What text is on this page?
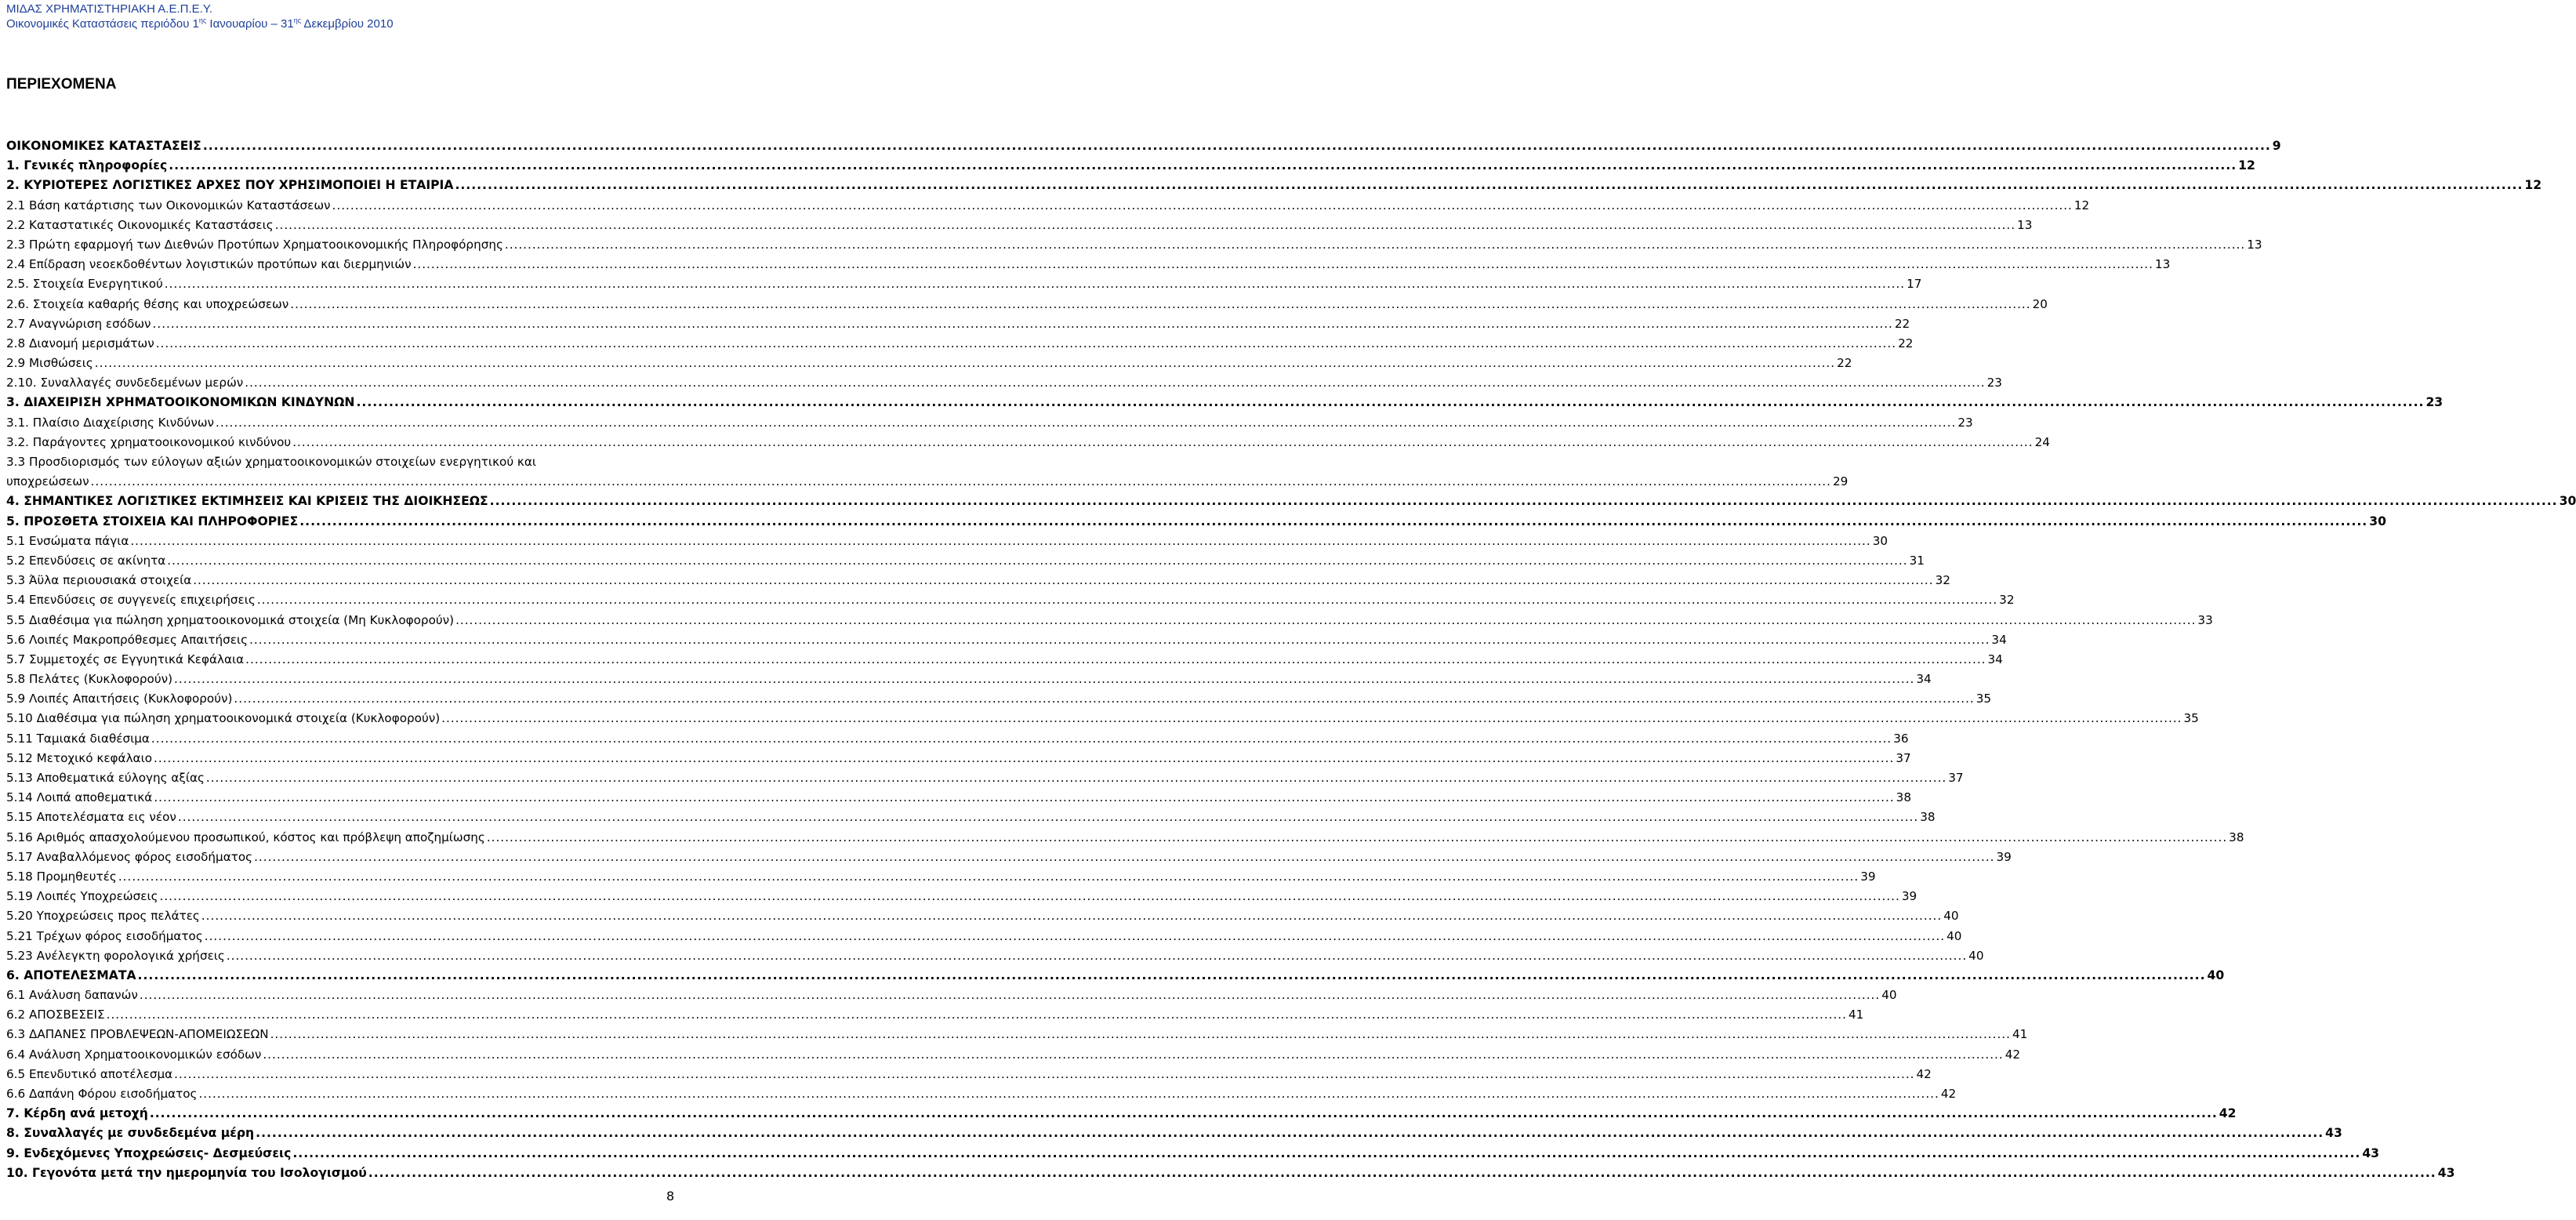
ΜΙΔΑΣ ΧΡΗΜΑΤΙΣΤΗΡΙΑΚΗ Α.Ε.Π.Ε.Υ.
Οικονομικές Καταστάσεις περιόδου $1^{\eta\varsigma}$ Ιανουαρίου – $31^{\eta\varsigma}$ Δεκεμβρίου 2010
ΠΕΡΙΕΧΟΜΕΝΑ
ΟΙΚΟΝΟΜΙΚΕΣ ΚΑΤΑΣΤΑΣΕΙΣ .....	9
1. Γενικές πληροφορίες .....	12
2. ΚΥΡΙΟΤΕΡΕΣ ΛΟΓΙΣΤΙΚΕΣ ΑΡΧΕΣ ΠΟΥ ΧΡΗΣΙΜΟΠΟΙΕΙ Η ΕΤΑΙΡΙΑ .....	12
2.1 Βάση κατάρτισης των Οικονομικών Καταστάσεων .....	12
2.2 Καταστατικές Οικονομικές Καταστάσεις .....	13
2.3 Πρώτη εφαρμογή των Διεθνών Προτύπων Χρηματοοικονομικής Πληροφόρησης .....	13
2.4 Επίδραση νεοεκδοθέντων λογιστικών προτύπων και διερμηνιών .....	13
2.5. Στοιχεία Ενεργητικού .....	17
2.6. Στοιχεία καθαρής θέσης και υποχρεώσεων .....	20
2.7 Αναγνώριση εσόδων .....	22
2.8 Διανομή μερισμάτων .....	22
2.9 Μισθώσεις .....	22
2.10. Συναλλαγές συνδεδεμένων μερών .....	23
3. ΔΙΑΧΕΙΡΙΣΗ ΧΡΗΜΑΤΟΟΙΚΟΝΟΜΙΚΩΝ ΚΙΝΔΥΝΩΝ .....	23
3.1. Πλαίσιο Διαχείρισης Κινδύνων .....	23
3.2. Παράγοντες χρηματοοικονομικού κινδύνου .....	24
3.3 Προσδιορισμός των εύλογων αξιών χρηματοοικονομικών στοιχείων ενεργητικού και
υποχρεώσεων .....	29
4. ΣΗΜΑΝΤΙΚΕΣ ΛΟΓΙΣΤΙΚΕΣ ΕΚΤΙΜΗΣΕΙΣ ΚΑΙ ΚΡΙΣΕΙΣ ΤΗΣ ΔΙΟΙΚΗΣΕΩΣ .....	30
5. ΠΡΟΣΘΕΤΑ ΣΤΟΙΧΕΙΑ ΚΑΙ ΠΛΗΡΟΦΟΡΙΕΣ .....	30
5.1 Ενσώματα πάγια .....	30
5.2 Επενδύσεις σε ακίνητα .....	31
5.3 Άϋλα περιουσιακά στοιχεία .....	32
5.4 Επενδύσεις σε συγγενείς επιχειρήσεις .....	32
5.5 Διαθέσιμα για πώληση χρηματοοικονομικά στοιχεία (Μη Κυκλοφορούν) .....	33
5.6 Λοιπές Μακροπρόθεσμες Απαιτήσεις .....	34
5.7 Συμμετοχές σε Εγγυητικά Κεφάλαια .....	34
5.8 Πελάτες (Κυκλοφορούν) .....	34
5.9 Λοιπές Απαιτήσεις (Κυκλοφορούν) .....	35
5.10 Διαθέσιμα για πώληση χρηματοοικονομικά στοιχεία (Κυκλοφορούν) .....	35
5.11 Ταμιακά διαθέσιμα .....	36
5.12 Μετοχικό κεφάλαιο .....	37
5.13 Αποθεματικά εύλογης αξίας .....	37
5.14 Λοιπά αποθεματικά .....	38
5.15 Αποτελέσματα εις νέον .....	38
5.16 Αριθμός απασχολούμενου προσωπικού, κόστος και πρόβλεψη αποζημίωσης .....	38
5.17 Αναβαλλόμενος φόρος εισοδήματος .....	39
5.18 Προμηθευτές .....	39
5.19 Λοιπές Υποχρεώσεις .....	39
5.20 Υποχρεώσεις προς πελάτες .....	40
5.21 Τρέχων φόρος εισοδήματος .....	40
5.23 Ανέλεγκτη φορολογικά χρήσεις .....	40
6. ΑΠΟΤΕΛΕΣΜΑΤΑ .....	40
6.1 Ανάλυση δαπανών .....	40
6.2 ΑΠΟΣΒΕΣΕΙΣ .....	41
6.3 ΔΑΠΑΝΕΣ ΠΡΟΒΛΕΨΕΩΝ-ΑΠΟΜΕΙΩΣΕΩΝ .....	41
6.4 Ανάλυση Χρηματοοικονομικών εσόδων .....	42
6.5 Επενδυτικό αποτέλεσμα .....	42
6.6 Δαπάνη Φόρου εισοδήματος .....	42
7. Κέρδη ανά μετοχή .....	42
8. Συναλλαγές με συνδεδεμένα μέρη .....	43
9. Ενδεχόμενες Υποχρεώσεις- Δεσμεύσεις .....	43
10. Γεγονότα μετά την ημερομηνία του Ισολογισμού .....	43
8
